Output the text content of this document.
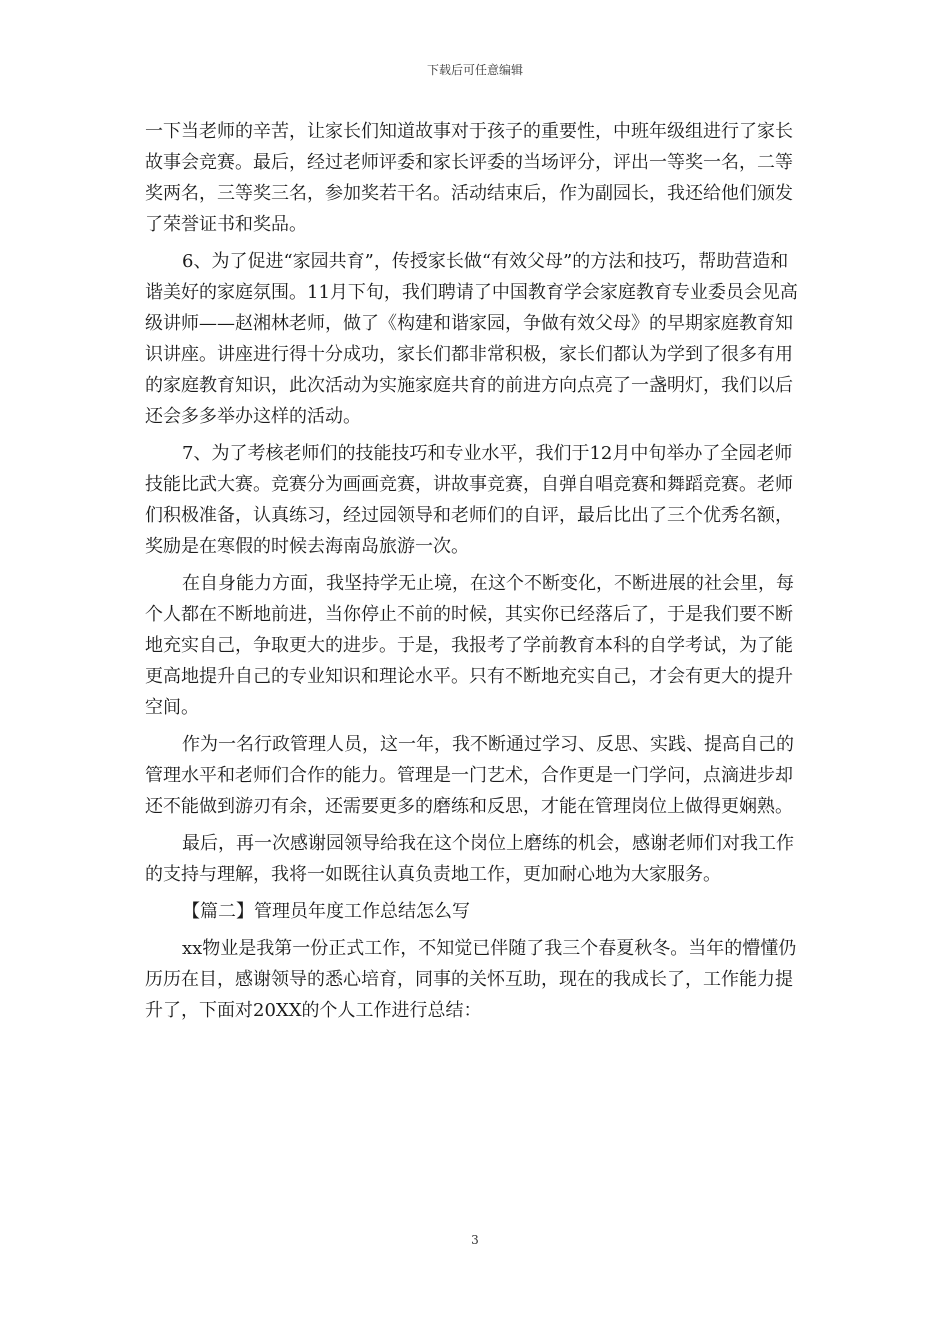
下载后可任意编辑

一下当老师的辛苦，让家长们知道故事对于孩子的重要性，中班年级组进行了家长故事会竞赛。最后，经过老师评委和家长评委的当场评分，评出一等奖一名，二等奖两名，三等奖三名，参加奖若干名。活动结束后，作为副园长，我还给他们颁发了荣誉证书和奖品。

6、为了促进“家园共育”，传授家长做“有效父母”的方法和技巧，帮助营造和谐美好的家庭氛围。11月下旬，我们聘请了中国教育学会家庭教育专业委员会见高级讲师——赵湘林老师，做了《构建和谐家园，争做有效父母》的早期家庭教育知识讲座。讲座进行得十分成功，家长们都非常积极，家长们都认为学到了很多有用的家庭教育知识，此次活动为实施家庭共育的前进方向点亮了一盏明灯，我们以后还会多多举办这样的活动。

7、为了考核老师们的技能技巧和专业水平，我们于12月中旬举办了全园老师技能比武大赛。竞赛分为画画竞赛，讲故事竞赛，自弹自唱竞赛和舞蹈竞赛。老师们积极准备，认真练习，经过园领导和老师们的自评，最后比出了三个优秀名额，奖励是在寒假的时候去海南岛旅游一次。

在自身能力方面，我坚持学无止境，在这个不断变化，不断进展的社会里，每个人都在不断地前进，当你停止不前的时候，其实你已经落后了，于是我们要不断地充实自己，争取更大的进步。于是，我报考了学前教育本科的自学考试，为了能更高地提升自己的专业知识和理论水平。只有不断地充实自己，才会有更大的提升空间。

作为一名行政管理人员，这一年，我不断通过学习、反思、实践、提高自己的管理水平和老师们合作的能力。管理是一门艺术，合作更是一门学问，点滴进步却还不能做到游刃有余，还需要更多的磨练和反思，才能在管理岗位上做得更娴熟。

最后，再一次感谢园领导给我在这个岗位上磨练的机会，感谢老师们对我工作的支持与理解，我将一如既往认真负责地工作，更加耐心地为大家服务。

【篇二】管理员年度工作总结怎么写

xx物业是我第一份正式工作，不知觉已伴随了我三个春夏秋冬。当年的懵懂仍历历在目，感谢领导的悉心培育，同事的关怀互助，现在的我成长了，工作能力提升了，下面对20XX的个人工作进行总结：

3
